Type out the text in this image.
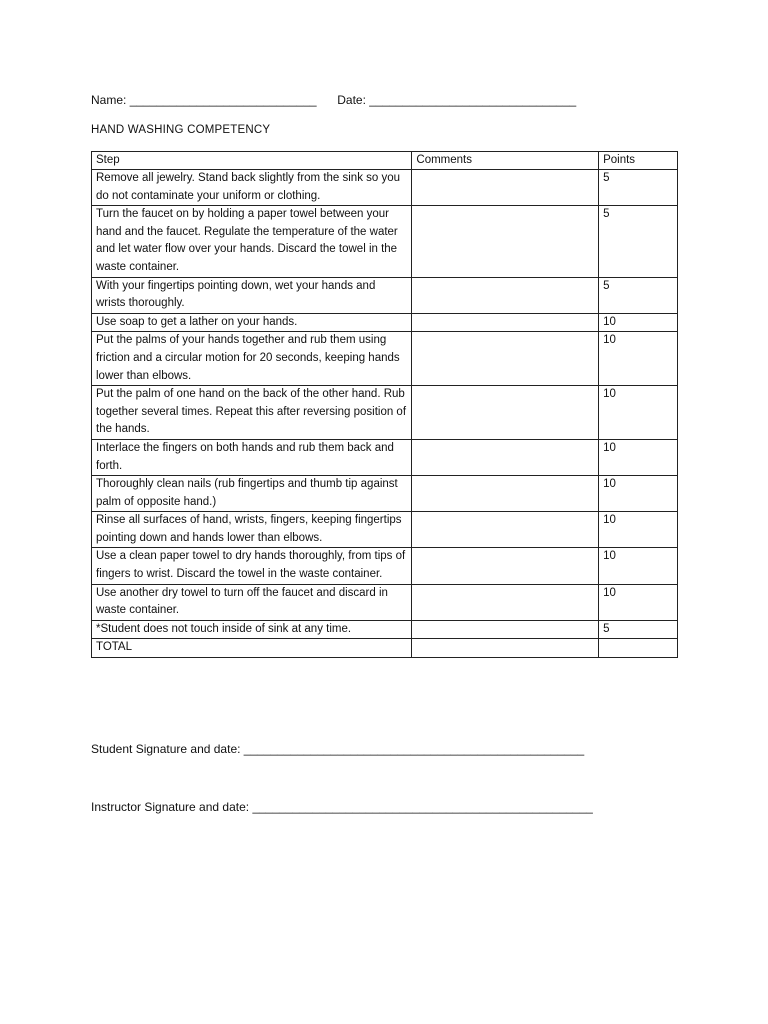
Name: ____________________________ Date: _______________________________
HAND WASHING COMPETENCY
Step	Comments	Points
Remove all jewelry. Stand back slightly from the sink so you do not contaminate your uniform or clothing.		5
Turn the faucet on by holding a paper towel between your hand and the faucet. Regulate the temperature of the water and let water flow over your hands. Discard the towel in the waste container.		5
With your fingertips pointing down, wet your hands and wrists thoroughly.		5
Use soap to get a lather on your hands.		10
Put the palms of your hands together and rub them using friction and a circular motion for 20 seconds, keeping hands lower than elbows.		10
Put the palm of one hand on the back of the other hand. Rub together several times. Repeat this after reversing position of the hands.		10
Interlace the fingers on both hands and rub them back and forth.		10
Thoroughly clean nails (rub fingertips and thumb tip against palm of opposite hand.)		10
Rinse all surfaces of hand, wrists, fingers, keeping fingertips pointing down and hands lower than elbows.		10
Use a clean paper towel to dry hands thoroughly, from tips of fingers to wrist. Discard the towel in the waste container.		10
Use another dry towel to turn off the faucet and discard in waste container.		10
*Student does not touch inside of sink at any time.		5
TOTAL		
Student Signature and date: ___________________________________________________
Instructor Signature and date: ___________________________________________________
